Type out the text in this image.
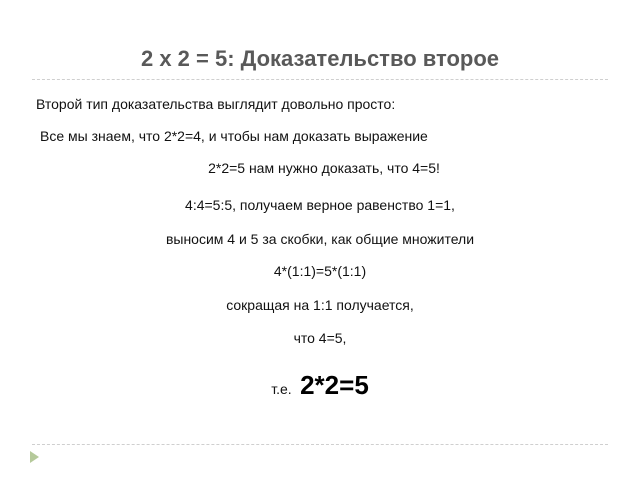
2 х 2 = 5: Доказательство второе
Второй тип доказательства выглядит довольно просто:
Все мы знаем, что 2*2=4, и чтобы нам доказать выражение
2*2=5 нам нужно доказать, что 4=5!
4:4=5:5, получаем верное равенство 1=1,
выносим 4 и 5 за скобки, как общие множители
4*(1:1)=5*(1:1)
сокращая на 1:1 получается,
что 4=5,
т.е. 2*2=5
